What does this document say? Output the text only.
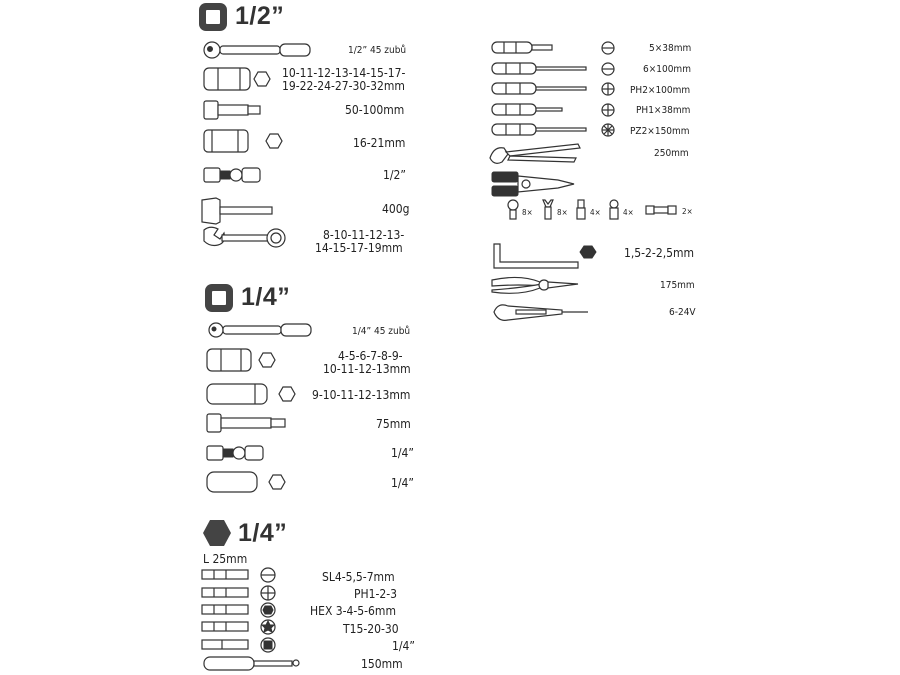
1/2”
1/2” 45 zubů
10-11-12-13-14-15-17-
19-22-24-27-30-32mm
50-100mm
16-21mm
1/2”
400g
8-10-11-12-13-
14-15-17-19mm
1/4”
1/4” 45 zubů
4-5-6-7-8-9-
10-11-12-13mm
9-10-11-12-13mm
75mm
1/4”
1/4”
1/4”
L 25mm
SL4-5,5-7mm
PH1-2-3
HEX 3-4-5-6mm
T15-20-30
1/4”
150mm
5×38mm
6×100mm
PH2×100mm
PH1×38mm
PZ2×150mm
250mm
8×	8×	4×	4×	2×
1,5-2-2,5mm
175mm
6-24V
